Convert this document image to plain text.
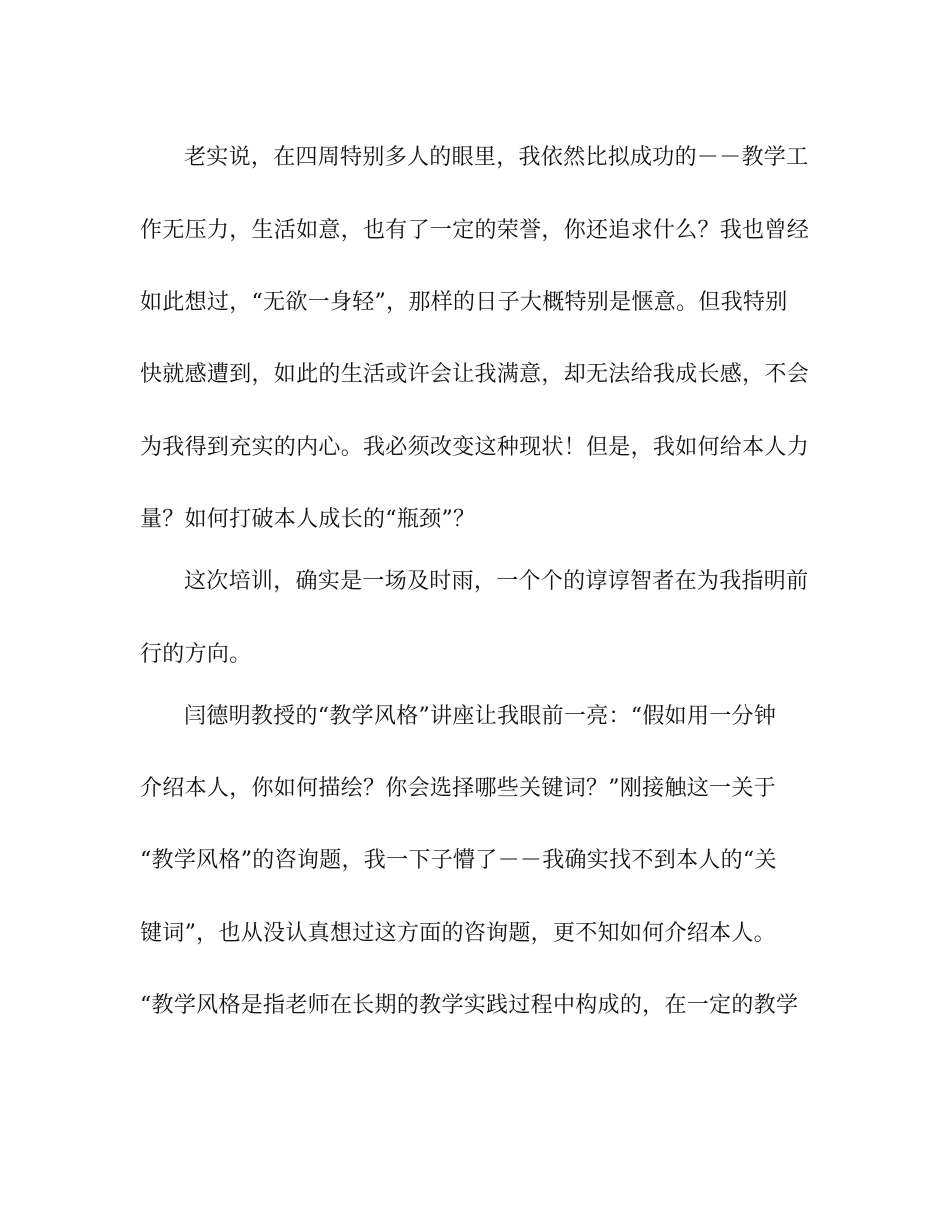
老实说，在四周特别多人的眼里，我依然比拟成功的－－教学工
作无压力，生活如意，也有了一定的荣誉，你还追求什么？我也曾经
如此想过，“无欲一身轻”，那样的日子大概特别是惬意。但我特别
快就感遭到，如此的生活或许会让我满意，却无法给我成长感，不会
为我得到充实的内心。我必须改变这种现状！但是，我如何给本人力
量？如何打破本人成长的“瓶颈”？
这次培训，确实是一场及时雨，一个个的谆谆智者在为我指明前
行的方向。
闫德明教授的“教学风格”讲座让我眼前一亮：“假如用一分钟
介绍本人，你如何描绘？你会选择哪些关键词？”刚接触这一关于
“教学风格”的咨询题，我一下子懵了－－我确实找不到本人的“关
键词”，也从没认真想过这方面的咨询题，更不知如何介绍本人。
“教学风格是指老师在长期的教学实践过程中构成的，在一定的教学
